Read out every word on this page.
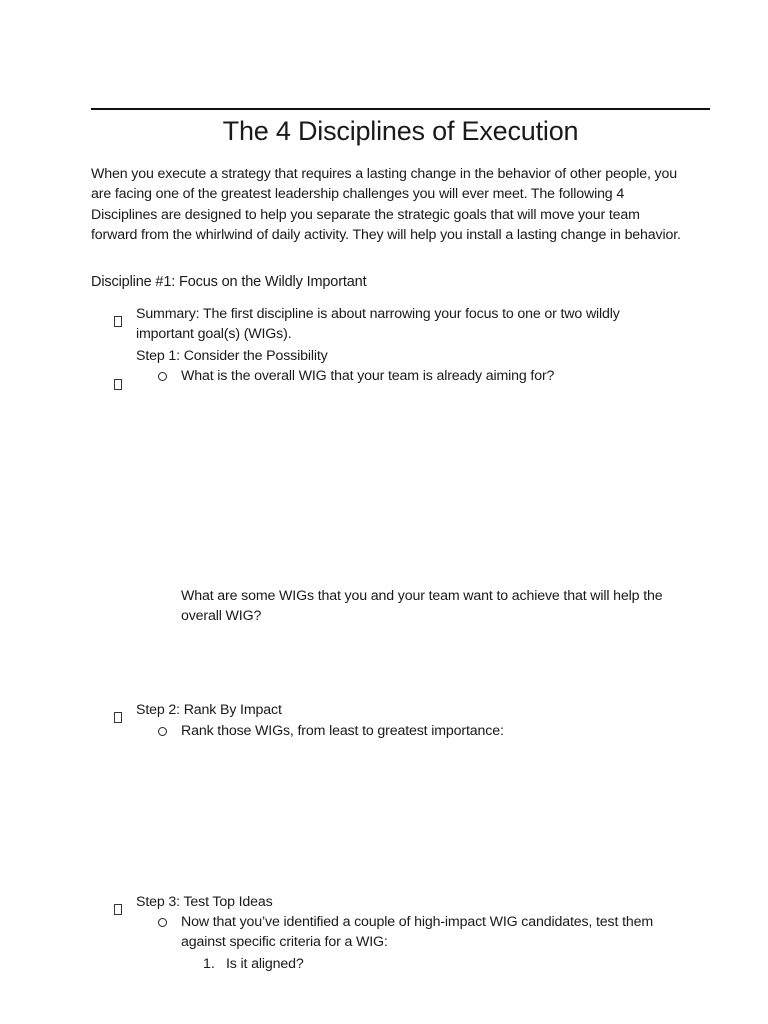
The 4 Disciplines of Execution

When you execute a strategy that requires a lasting change in the behavior of other people, you are facing one of the greatest leadership challenges you will ever meet. The following 4 Disciplines are designed to help you separate the strategic goals that will move your team forward from the whirlwind of daily activity. They will help you install a lasting change in behavior.

Discipline #1: Focus on the Wildly Important

Summary: The first discipline is about narrowing your focus to one or two wildly important goal(s) (WIGs).

Step 1: Consider the Possibility

What is the overall WIG that your team is already aiming for?

What are some WIGs that you and your team want to achieve that will help the overall WIG?

Step 2: Rank By Impact

Rank those WIGs, from least to greatest importance:

Step 3: Test Top Ideas

Now that you’ve identified a couple of high-impact WIG candidates, test them against specific criteria for a WIG:

1. Is it aligned?
